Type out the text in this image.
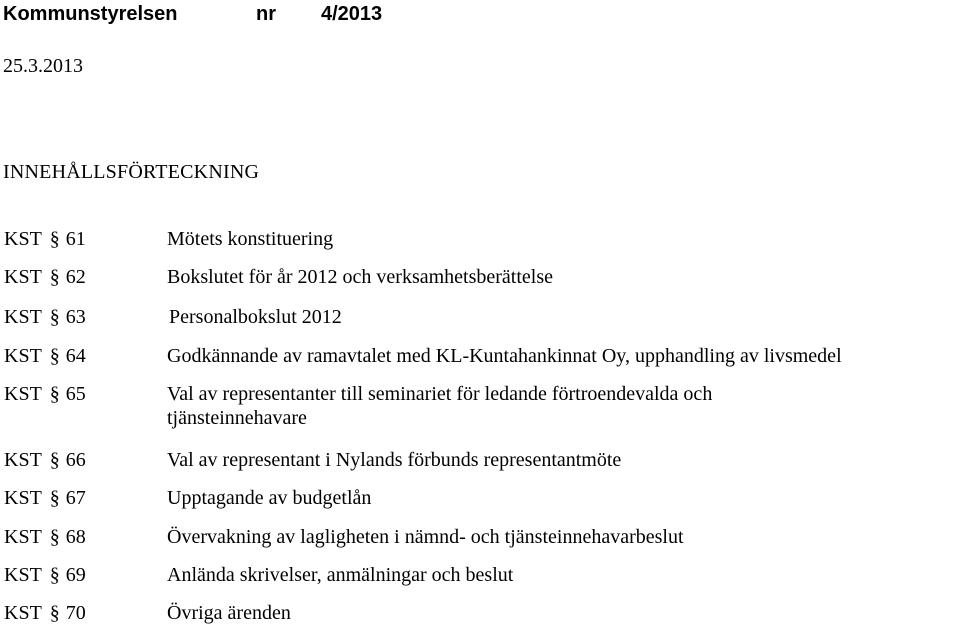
Kommunstyrelsen	nr 4/2013
25.3.2013
INNEHÅLLSFÖRTECKNING
KST § 61	Mötets konstituering
KST § 62	Bokslutet för år 2012 och verksamhetsberättelse
KST § 63	Personalbokslut 2012
KST § 64	Godkännande av ramavtalet med KL-Kuntahankinnat Oy, upphandling av livsmedel
KST § 65	Val av representanter till seminariet för ledande förtroendevalda och
tjänsteinnehavare
KST § 66	Val av representant i Nylands förbunds representantmöte
KST § 67	Upptagande av budgetlån
KST § 68	Övervakning av lagligheten i nämnd- och tjänsteinnehavarbeslut
KST § 69	Anlända skrivelser, anmälningar och beslut
KST § 70	Övriga ärenden
